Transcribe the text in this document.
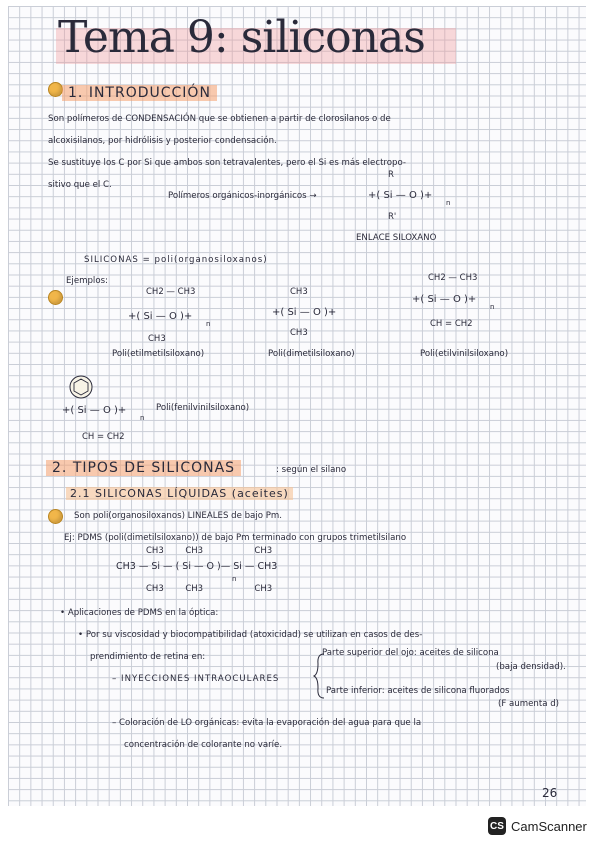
Tema 9: siliconas
1. INTRODUCCIÓN
Son polímeros de CONDENSACIÓN que se obtienen a partir de clorosilanos o de
alcoxisilanos, por hidrólisis y posterior condensación.
Se sustituye los C por Si que ambos son tetravalentes, pero el Si es más electropo-
sitivo que el C.
Polímeros orgánicos-inorgánicos →
R
+( Si — O )+
n
R'
ENLACE SILOXANO
SILICONAS = poli(organosiloxanos)
Ejemplos:
CH2 — CH3
+( Si — O )+
n
CH3
Poli(etilmetilsiloxano)
CH3
+( Si — O )+
CH3
Poli(dimetilsiloxano)
CH2 — CH3
+( Si — O )+
n
CH = CH2
Poli(etilvinilsiloxano)
+( Si — O )+
n
Poli(fenilvinilsiloxano)
CH = CH2
2. TIPOS DE SILICONAS	: según el silano
2.1 SILICONAS LÍQUIDAS (aceites)
Son poli(organosiloxanos) LINEALES de bajo Pm.
Ej: PDMS (poli(dimetilsiloxano)) de bajo Pm terminado con grupos trimetilsilano
CH3        CH3                   CH3
CH3 — Si — ( Si — O )— Si — CH3
n
CH3        CH3                   CH3
• Aplicaciones de PDMS en la óptica:
• Por su viscosidad y biocompatibilidad (atoxicidad) se utilizan en casos de des-
prendimiento de retina en:	Parte superior del ojo: aceites de silicona
(baja densidad).
– INYECCIONES INTRAOCULARES
Parte inferior: aceites de silicona fluorados
(F aumenta d)
– Coloración de LO orgánicas: evita la evaporación del agua para que la
concentración de colorante no varíe.
26
CS CamScanner
